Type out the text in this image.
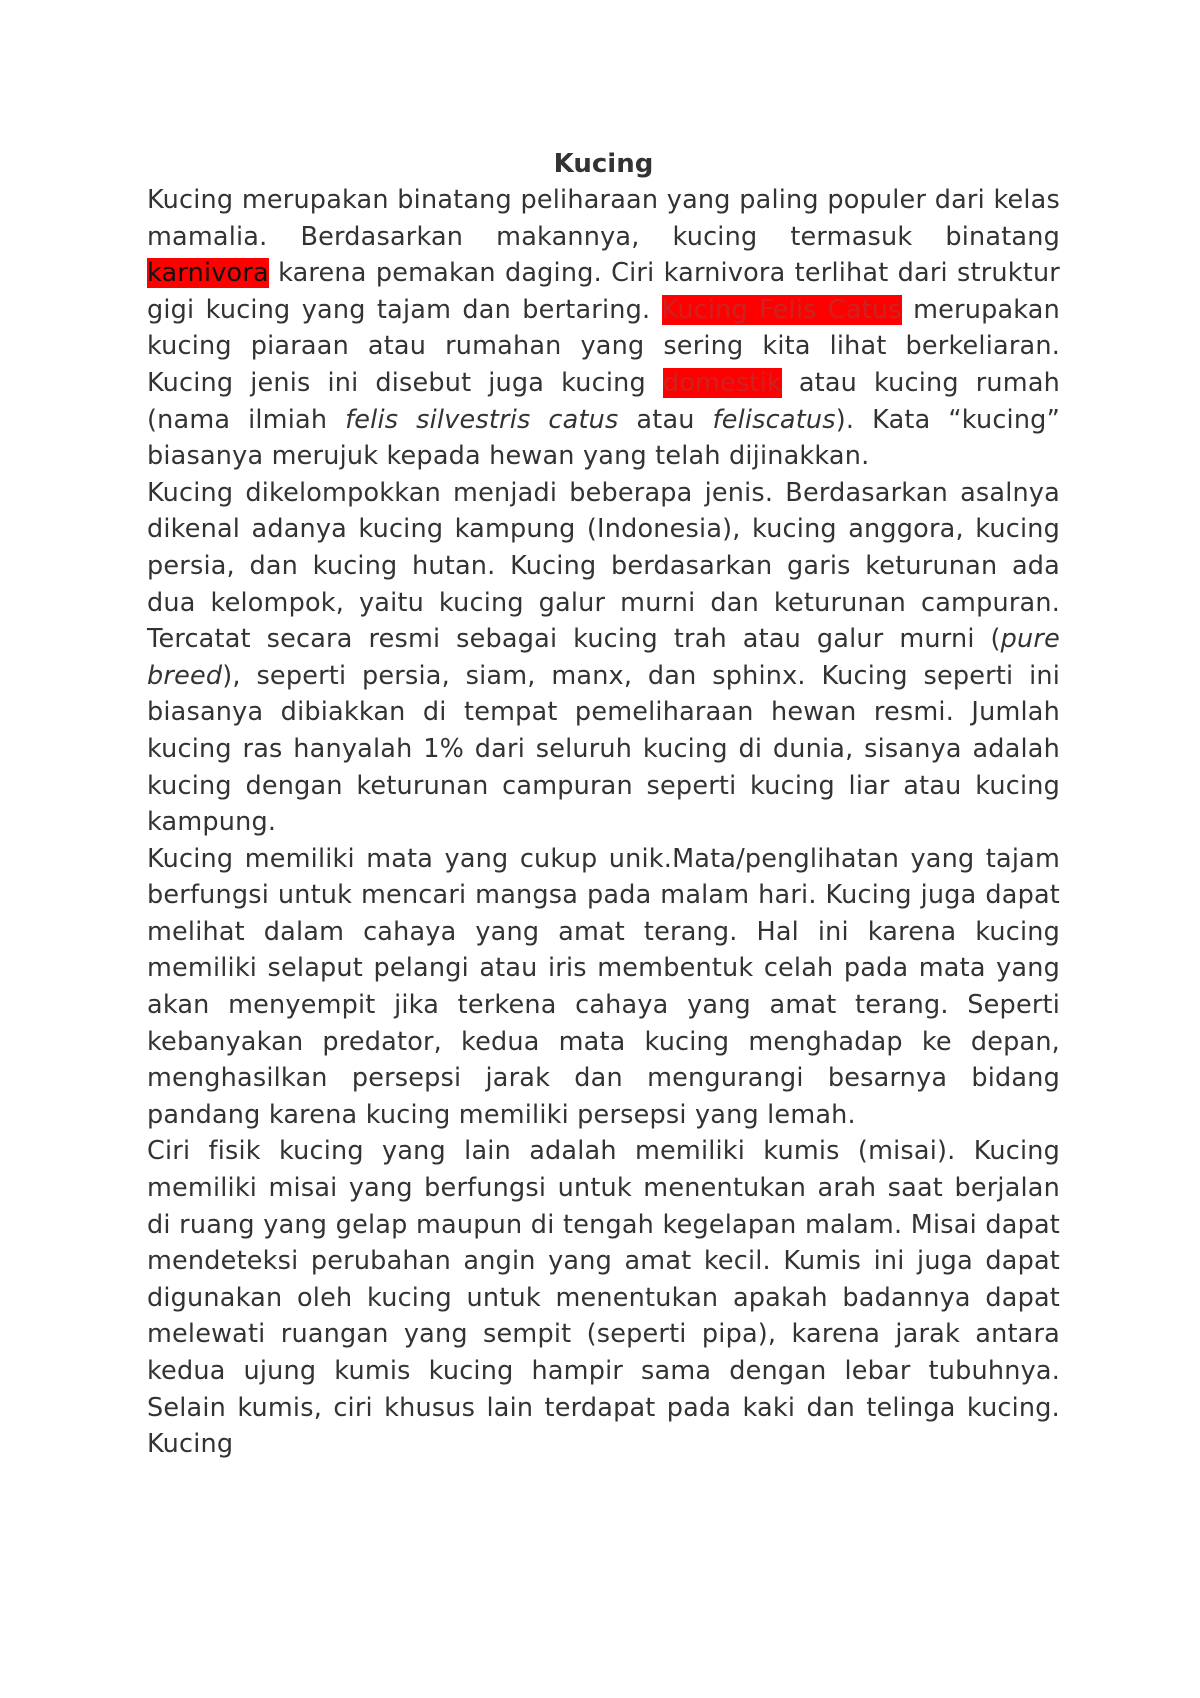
Kucing

Kucing merupakan binatang peliharaan yang paling populer dari kelas mamalia. Berdasarkan makannya, kucing termasuk binatang karnivora karena pemakan daging. Ciri karnivora terlihat dari struktur gigi kucing yang tajam dan bertaring. Kucing Felis Catus merupakan kucing piaraan atau rumahan yang sering kita lihat berkeliaran. Kucing jenis ini disebut juga kucing domestik atau kucing rumah (nama ilmiah felis silvestris catus atau feliscatus). Kata “kucing” biasanya merujuk kepada hewan yang telah dijinakkan.

Kucing dikelompokkan menjadi beberapa jenis. Berdasarkan asalnya dikenal adanya kucing kampung (Indonesia), kucing anggora, kucing persia, dan kucing hutan. Kucing berdasarkan garis keturunan ada dua kelompok, yaitu kucing galur murni dan keturunan campuran. Tercatat secara resmi sebagai kucing trah atau galur murni (pure breed), seperti persia, siam, manx, dan sphinx. Kucing seperti ini biasanya dibiakkan di tempat pemeliharaan hewan resmi. Jumlah kucing ras hanyalah 1% dari seluruh kucing di dunia, sisanya adalah kucing dengan keturunan campuran seperti kucing liar atau kucing kampung.

Kucing memiliki mata yang cukup unik.Mata/penglihatan yang tajam berfungsi untuk mencari mangsa pada malam hari. Kucing juga dapat melihat dalam cahaya yang amat terang. Hal ini karena kucing memiliki selaput pelangi atau iris membentuk celah pada mata yang akan menyempit jika terkena cahaya yang amat terang. Seperti kebanyakan predator, kedua mata kucing menghadap ke depan, menghasilkan persepsi jarak dan mengurangi besarnya bidang pandang karena kucing memiliki persepsi yang lemah.

Ciri fisik kucing yang lain adalah memiliki kumis (misai). Kucing memiliki misai yang berfungsi untuk menentukan arah saat berjalan di ruang yang gelap maupun di tengah kegelapan malam. Misai dapat mendeteksi perubahan angin yang amat kecil. Kumis ini juga dapat digunakan oleh kucing untuk menentukan apakah badannya dapat melewati ruangan yang sempit (seperti pipa), karena jarak antara kedua ujung kumis kucing hampir sama dengan lebar tubuhnya. Selain kumis, ciri khusus lain terdapat pada kaki dan telinga kucing. Kucing
